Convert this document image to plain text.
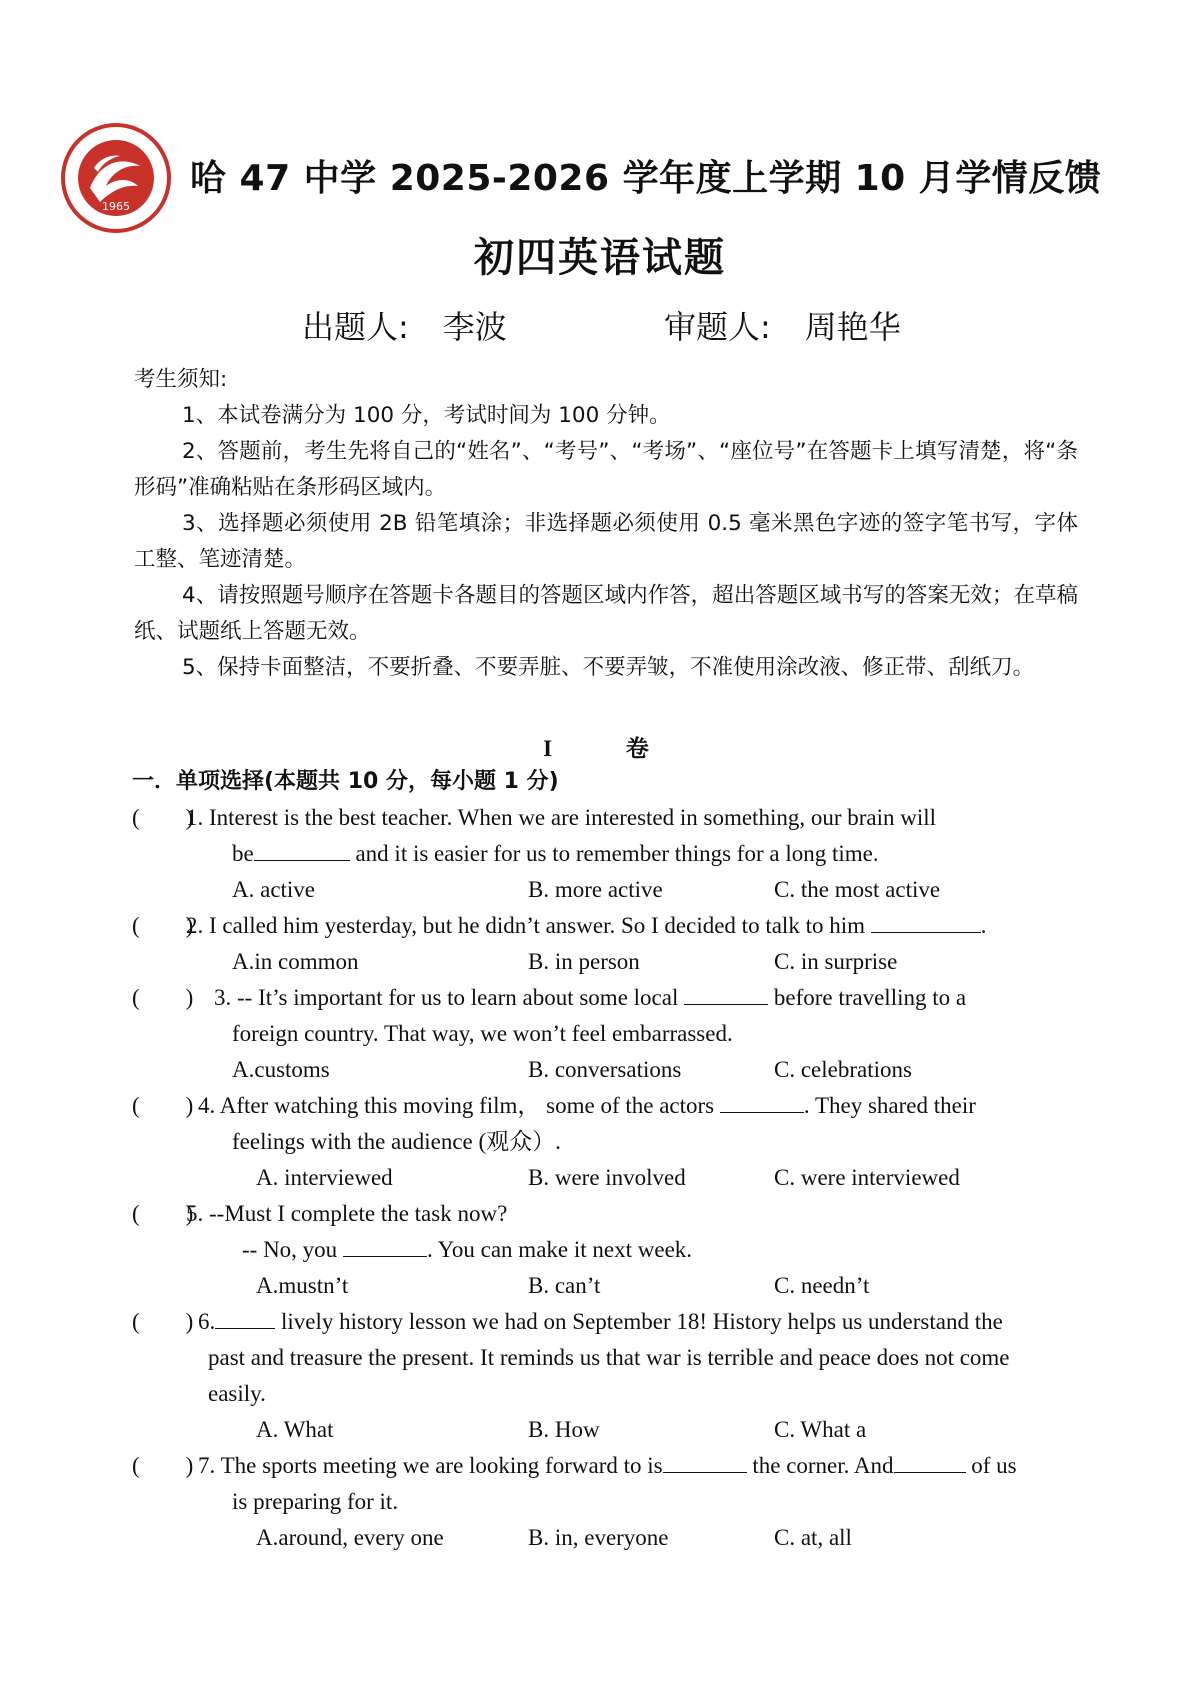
1965
哈 47 中学 2025-2026 学年度上学期 10 月学情反馈
初四英语试题
出题人: 李波	审题人: 周艳华

考生须知:

1、本试卷满分为 100 分，考试时间为 100 分钟。

2、答题前，考生先将自己的“姓名”、“考号”、“考场”、“座位号”在答题卡上填写清楚，将“条形码”准确粘贴在条形码区域内。

3、选择题必须使用 2B 铅笔填涂；非选择题必须使用 0.5 毫米黑色字迹的签字笔书写，字体工整、笔迹清楚。

4、请按照题号顺序在答题卡各题目的答题区域内作答，超出答题区域书写的答案无效；在草稿纸、试题纸上答题无效。

5、保持卡面整洁，不要折叠、不要弄脏、不要弄皱，不准使用涂改液、修正带、刮纸刀。

I 卷
一．单项选择(本题共 10 分，每小题 1 分)
(　　)1. Interest is the best teacher. When we are interested in something, our brain will
be	and it is easier for us to remember things for a long time.
A. active	B. more active	C. the most active
(　　)2. I called him yesterday, but he didn’t answer. So I decided to talk to him	.
A.in common	B. in person	C. in surprise
(　　) 3. -- It’s important for us to learn about some local	before travelling to a
foreign country. That way, we won’t feel embarrassed.
A.customs	B. conversations	C. celebrations
(　　) 4. After watching this moving film， some of the actors	. They shared their
feelings with the audience (观众）.
A. interviewed	B. were involved	C. were interviewed
(　　)5. --Must I complete the task now?
-- No, you	. You can make it next week.
A.mustn’t	B. can’t	C. needn’t
(　　) 6.	lively history lesson we had on September 18! History helps us understand the
past and treasure the present. It reminds us that war is terrible and peace does not come
easily.
A. What	B. How	C. What a
(　　) 7. The sports meeting we are looking forward to is	the corner. And	of us
is preparing for it.
A.around, every one	B. in, everyone	C. at, all
